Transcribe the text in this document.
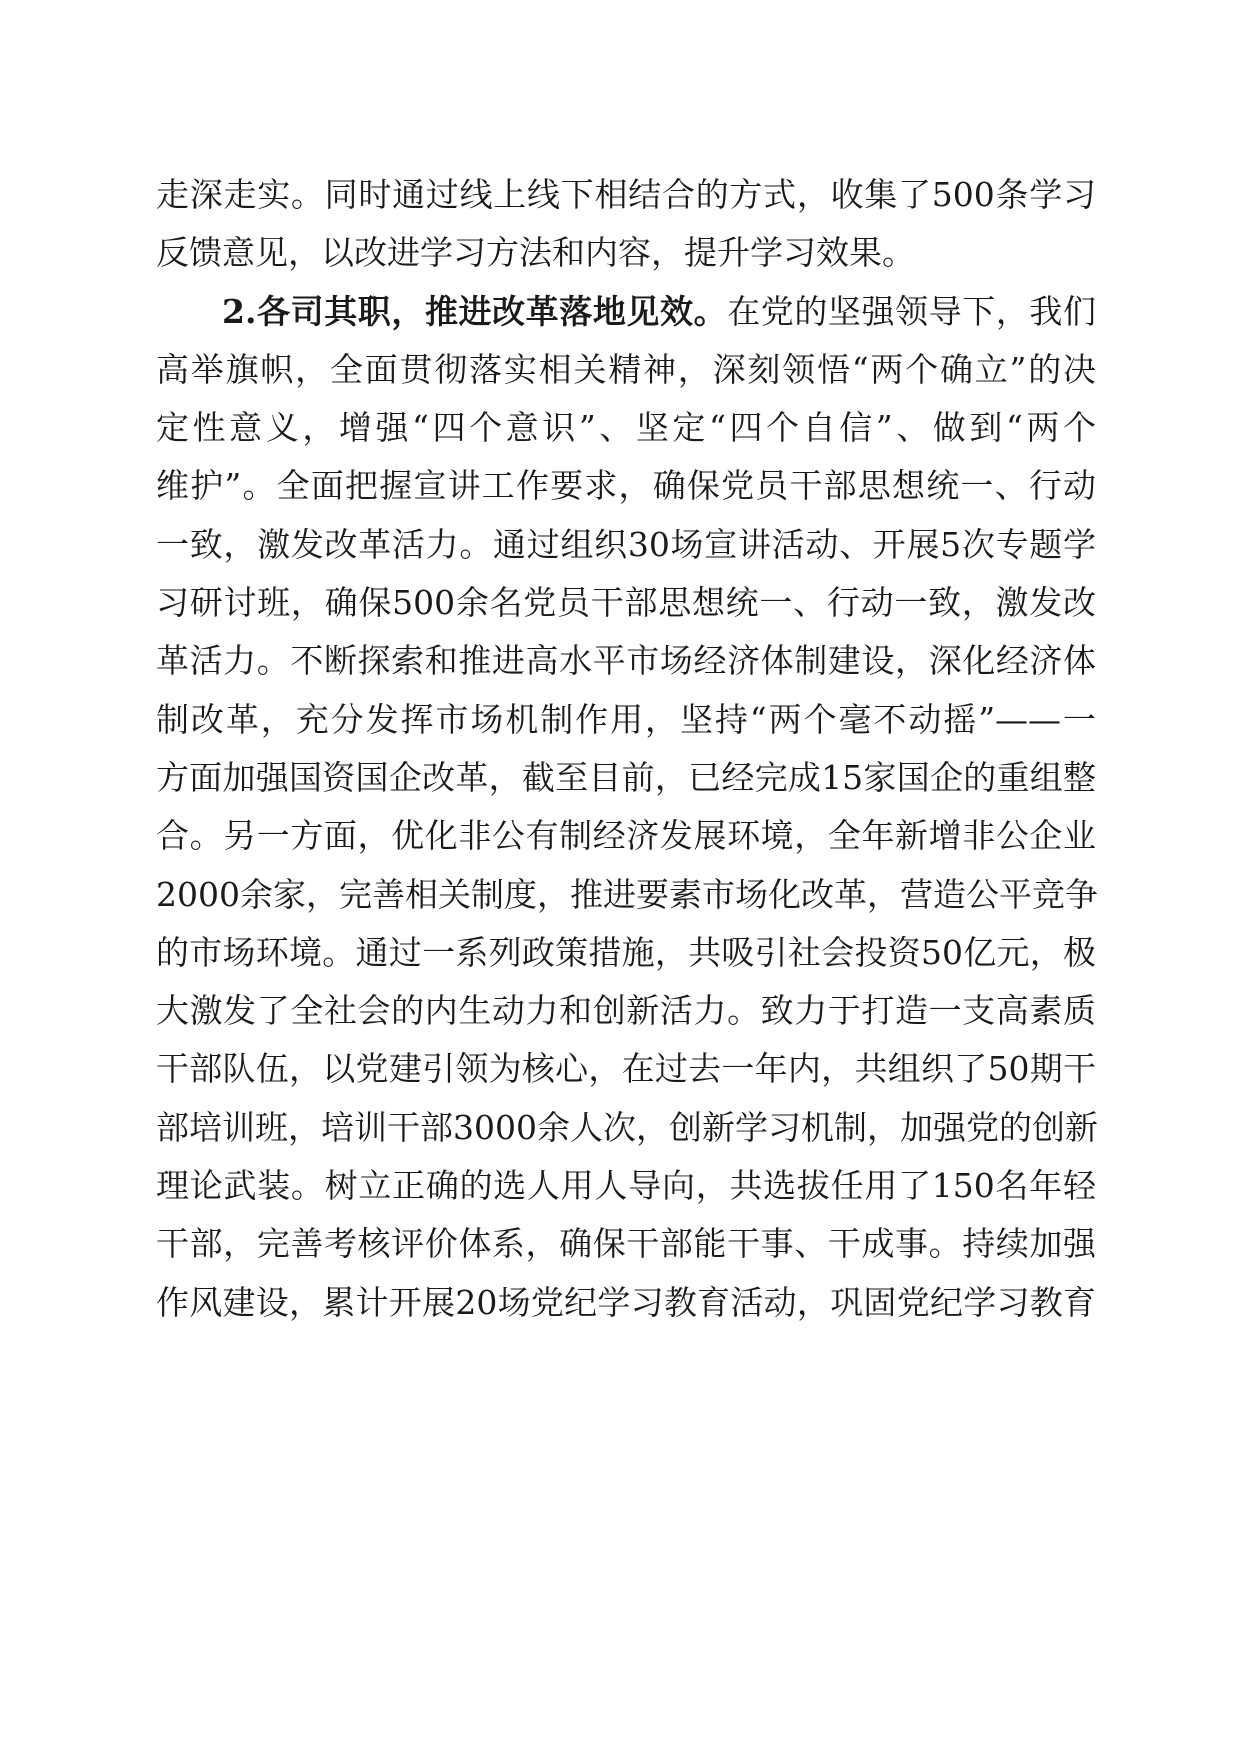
走深走实。同时通过线上线下相结合的方式，收集了500条学习
反馈意见，以改进学习方法和内容，提升学习效果。
2.各司其职，推进改革落地见效。在党的坚强领导下，我们
高举旗帜，全面贯彻落实相关精神，深刻领悟“两个确立”的决
定性意义，增强“四个意识”、坚定“四个自信”、做到“两个
维护”。全面把握宣讲工作要求，确保党员干部思想统一、行动
一致，激发改革活力。通过组织30场宣讲活动、开展5次专题学
习研讨班，确保500余名党员干部思想统一、行动一致，激发改
革活力。不断探索和推进高水平市场经济体制建设，深化经济体
制改革，充分发挥市场机制作用，坚持“两个毫不动摇”——一
方面加强国资国企改革，截至目前，已经完成15家国企的重组整
合。另一方面，优化非公有制经济发展环境，全年新增非公企业
2000余家，完善相关制度，推进要素市场化改革，营造公平竞争
的市场环境。通过一系列政策措施，共吸引社会投资50亿元，极
大激发了全社会的内生动力和创新活力。致力于打造一支高素质
干部队伍，以党建引领为核心，在过去一年内，共组织了50期干
部培训班，培训干部3000余人次，创新学习机制，加强党的创新
理论武装。树立正确的选人用人导向，共选拔任用了150名年轻
干部，完善考核评价体系，确保干部能干事、干成事。持续加强
作风建设，累计开展20场党纪学习教育活动，巩固党纪学习教育
